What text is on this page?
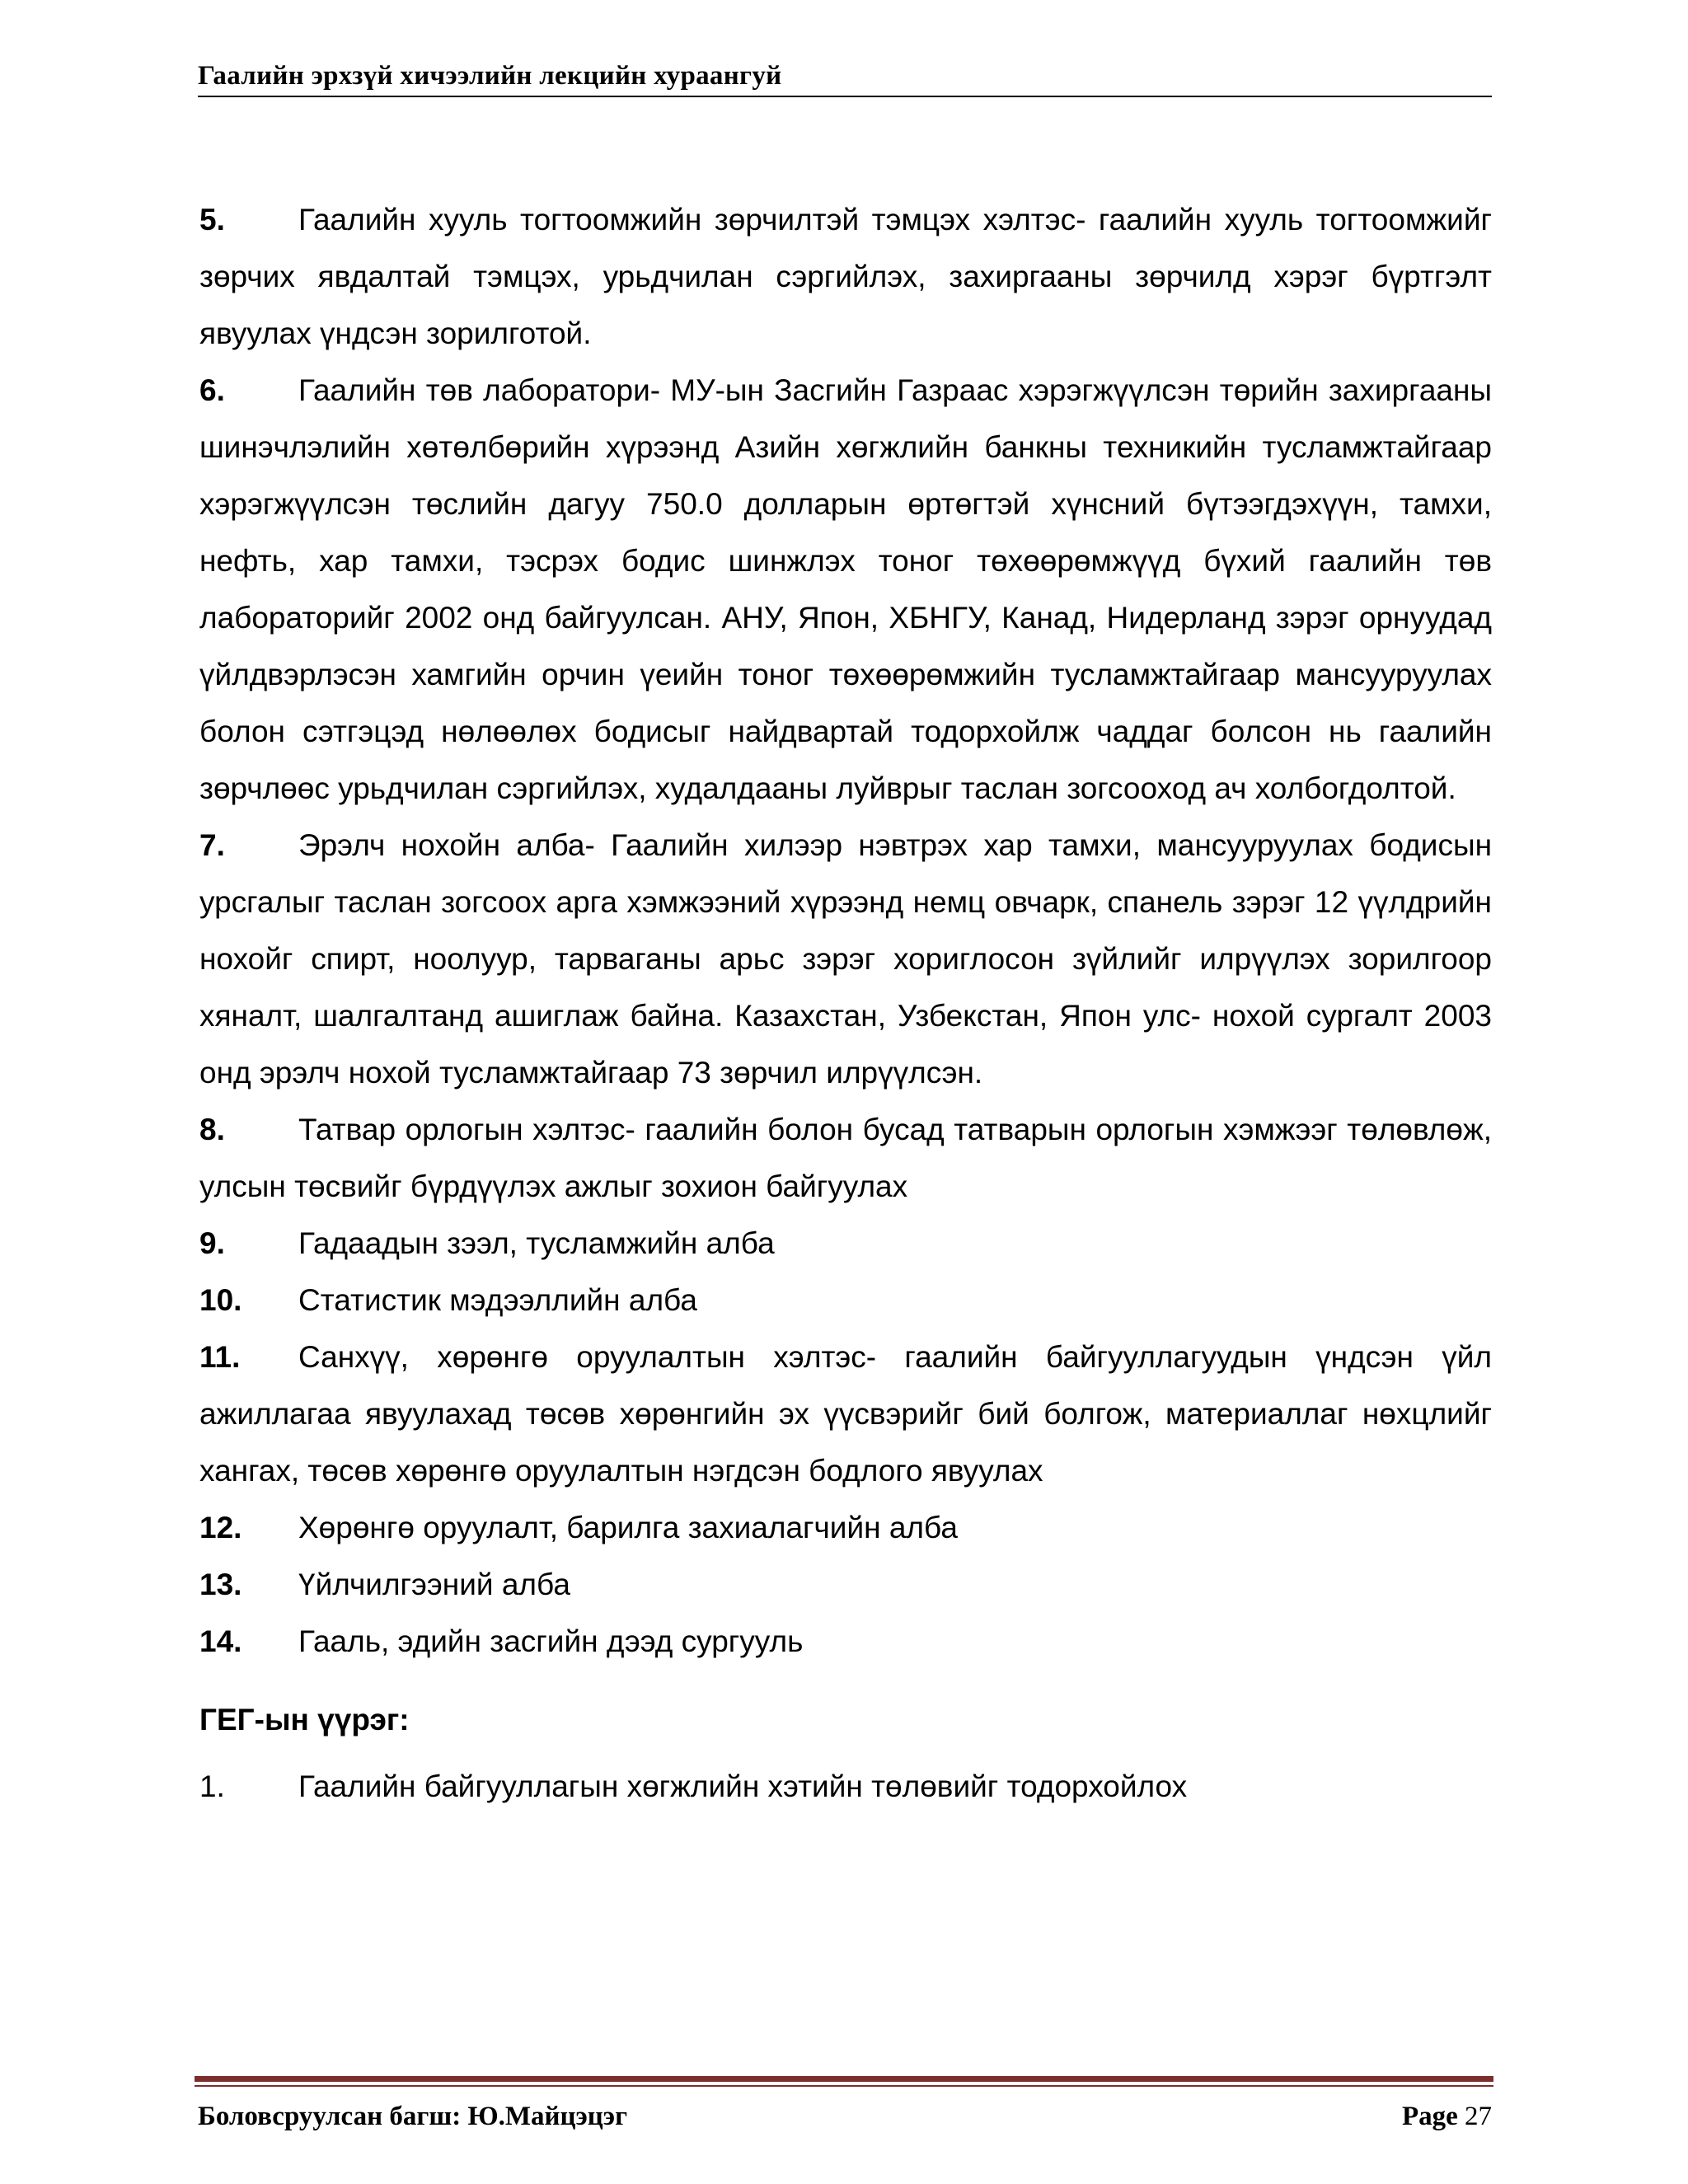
Гаалийн эрхзүй хичээлийн лекцийн хураангуй

5. Гаалийн хууль тогтоомжийн зөрчилтэй тэмцэх хэлтэс- гаалийн хууль тогтоомжийг зөрчих явдалтай тэмцэх, урьдчилан сэргийлэх, захиргааны зөрчилд хэрэг бүртгэлт явуулах үндсэн зорилготой.

6. Гаалийн төв лаборатори- МУ-ын Засгийн Газраас хэрэгжүүлсэн төрийн захиргааны шинэчлэлийн хөтөлбөрийн хүрээнд Азийн хөгжлийн банкны техникийн тусламжтайгаар хэрэгжүүлсэн төслийн дагуу 750.0 долларын өртөгтэй хүнсний бүтээгдэхүүн, тамхи, нефть, хар тамхи, тэсрэх бодис шинжлэх тоног төхөөрөмжүүд бүхий гаалийн төв лабораторийг 2002 онд байгуулсан. АНУ, Япон, ХБНГУ, Канад, Нидерланд зэрэг орнуудад үйлдвэрлэсэн хамгийн орчин үеийн тоног төхөөрөмжийн тусламжтайгаар мансууруулах болон сэтгэцэд нөлөөлөх бодисыг найдвартай тодорхойлж чаддаг болсон нь гаалийн зөрчлөөс урьдчилан сэргийлэх, худалдааны луйврыг таслан зогсооход ач холбогдолтой.

7. Эрэлч нохойн алба- Гаалийн хилээр нэвтрэх хар тамхи, мансууруулах бодисын урсгалыг таслан зогсоох арга хэмжээний хүрээнд немц овчарк, спанель зэрэг 12 үүлдрийн нохойг спирт, ноолуур, тарваганы арьс зэрэг хориглосон зүйлийг илрүүлэх зорилгоор хяналт, шалгалтанд ашиглаж байна. Казахстан, Узбекстан, Япон улс- нохой сургалт 2003 онд эрэлч нохой тусламжтайгаар 73 зөрчил илрүүлсэн.

8. Татвар орлогын хэлтэс- гаалийн болон бусад татварын орлогын хэмжээг төлөвлөж, улсын төсвийг бүрдүүлэх ажлыг зохион байгуулах

9. Гадаадын зээл, тусламжийн алба

10. Статистик мэдээллийн алба

11. Санхүү, хөрөнгө оруулалтын хэлтэс- гаалийн байгууллагуудын үндсэн үйл ажиллагаа явуулахад төсөв хөрөнгийн эх үүсвэрийг бий болгож, материаллаг нөхцлийг хангах, төсөв хөрөнгө оруулалтын нэгдсэн бодлого явуулах

12. Хөрөнгө оруулалт, барилга захиалагчийн алба

13. Үйлчилгээний алба

14. Гааль, эдийн засгийн дээд сургууль

ГЕГ-ын үүрэг:

1. Гаалийн байгууллагын хөгжлийн хэтийн төлөвийг тодорхойлох

Боловсруулсан багш: Ю.Майцэцэг	Page 27
